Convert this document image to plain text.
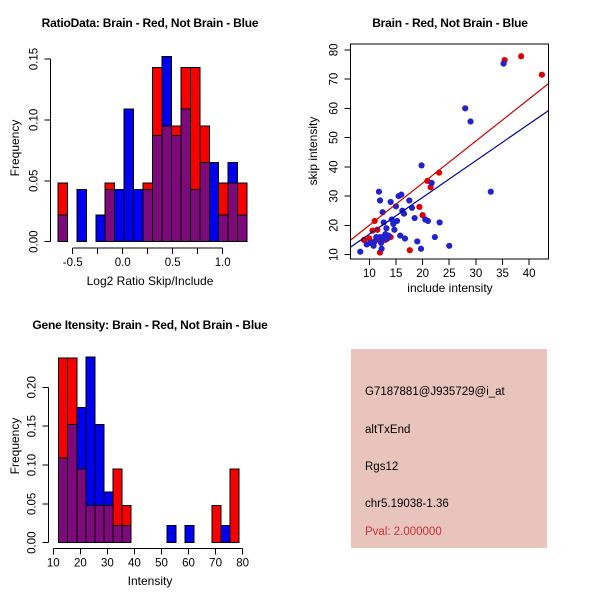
RatioData: Brain - Red, Not Brain - Blue
Frequency
Log2 Ratio Skip/Include
0.00
0.05
0.10
0.15
-0.5	0.0	0.5	1.0
Brain - Red, Not Brain - Blue
skip intensity
include intensity
10 15 20 25 30 35 40
10
20
30
40
50
60
70
80
Gene Itensity: Brain - Red, Not Brain - Blue
Frequency
Intensity
0.00
0.05
0.10
0.15
0.20
10 20 30 40 50 60 70 80
G7187881@J935729@i_at
altTxEnd
Rgs12
chr5.19038-1.36
Pval: 2.000000
